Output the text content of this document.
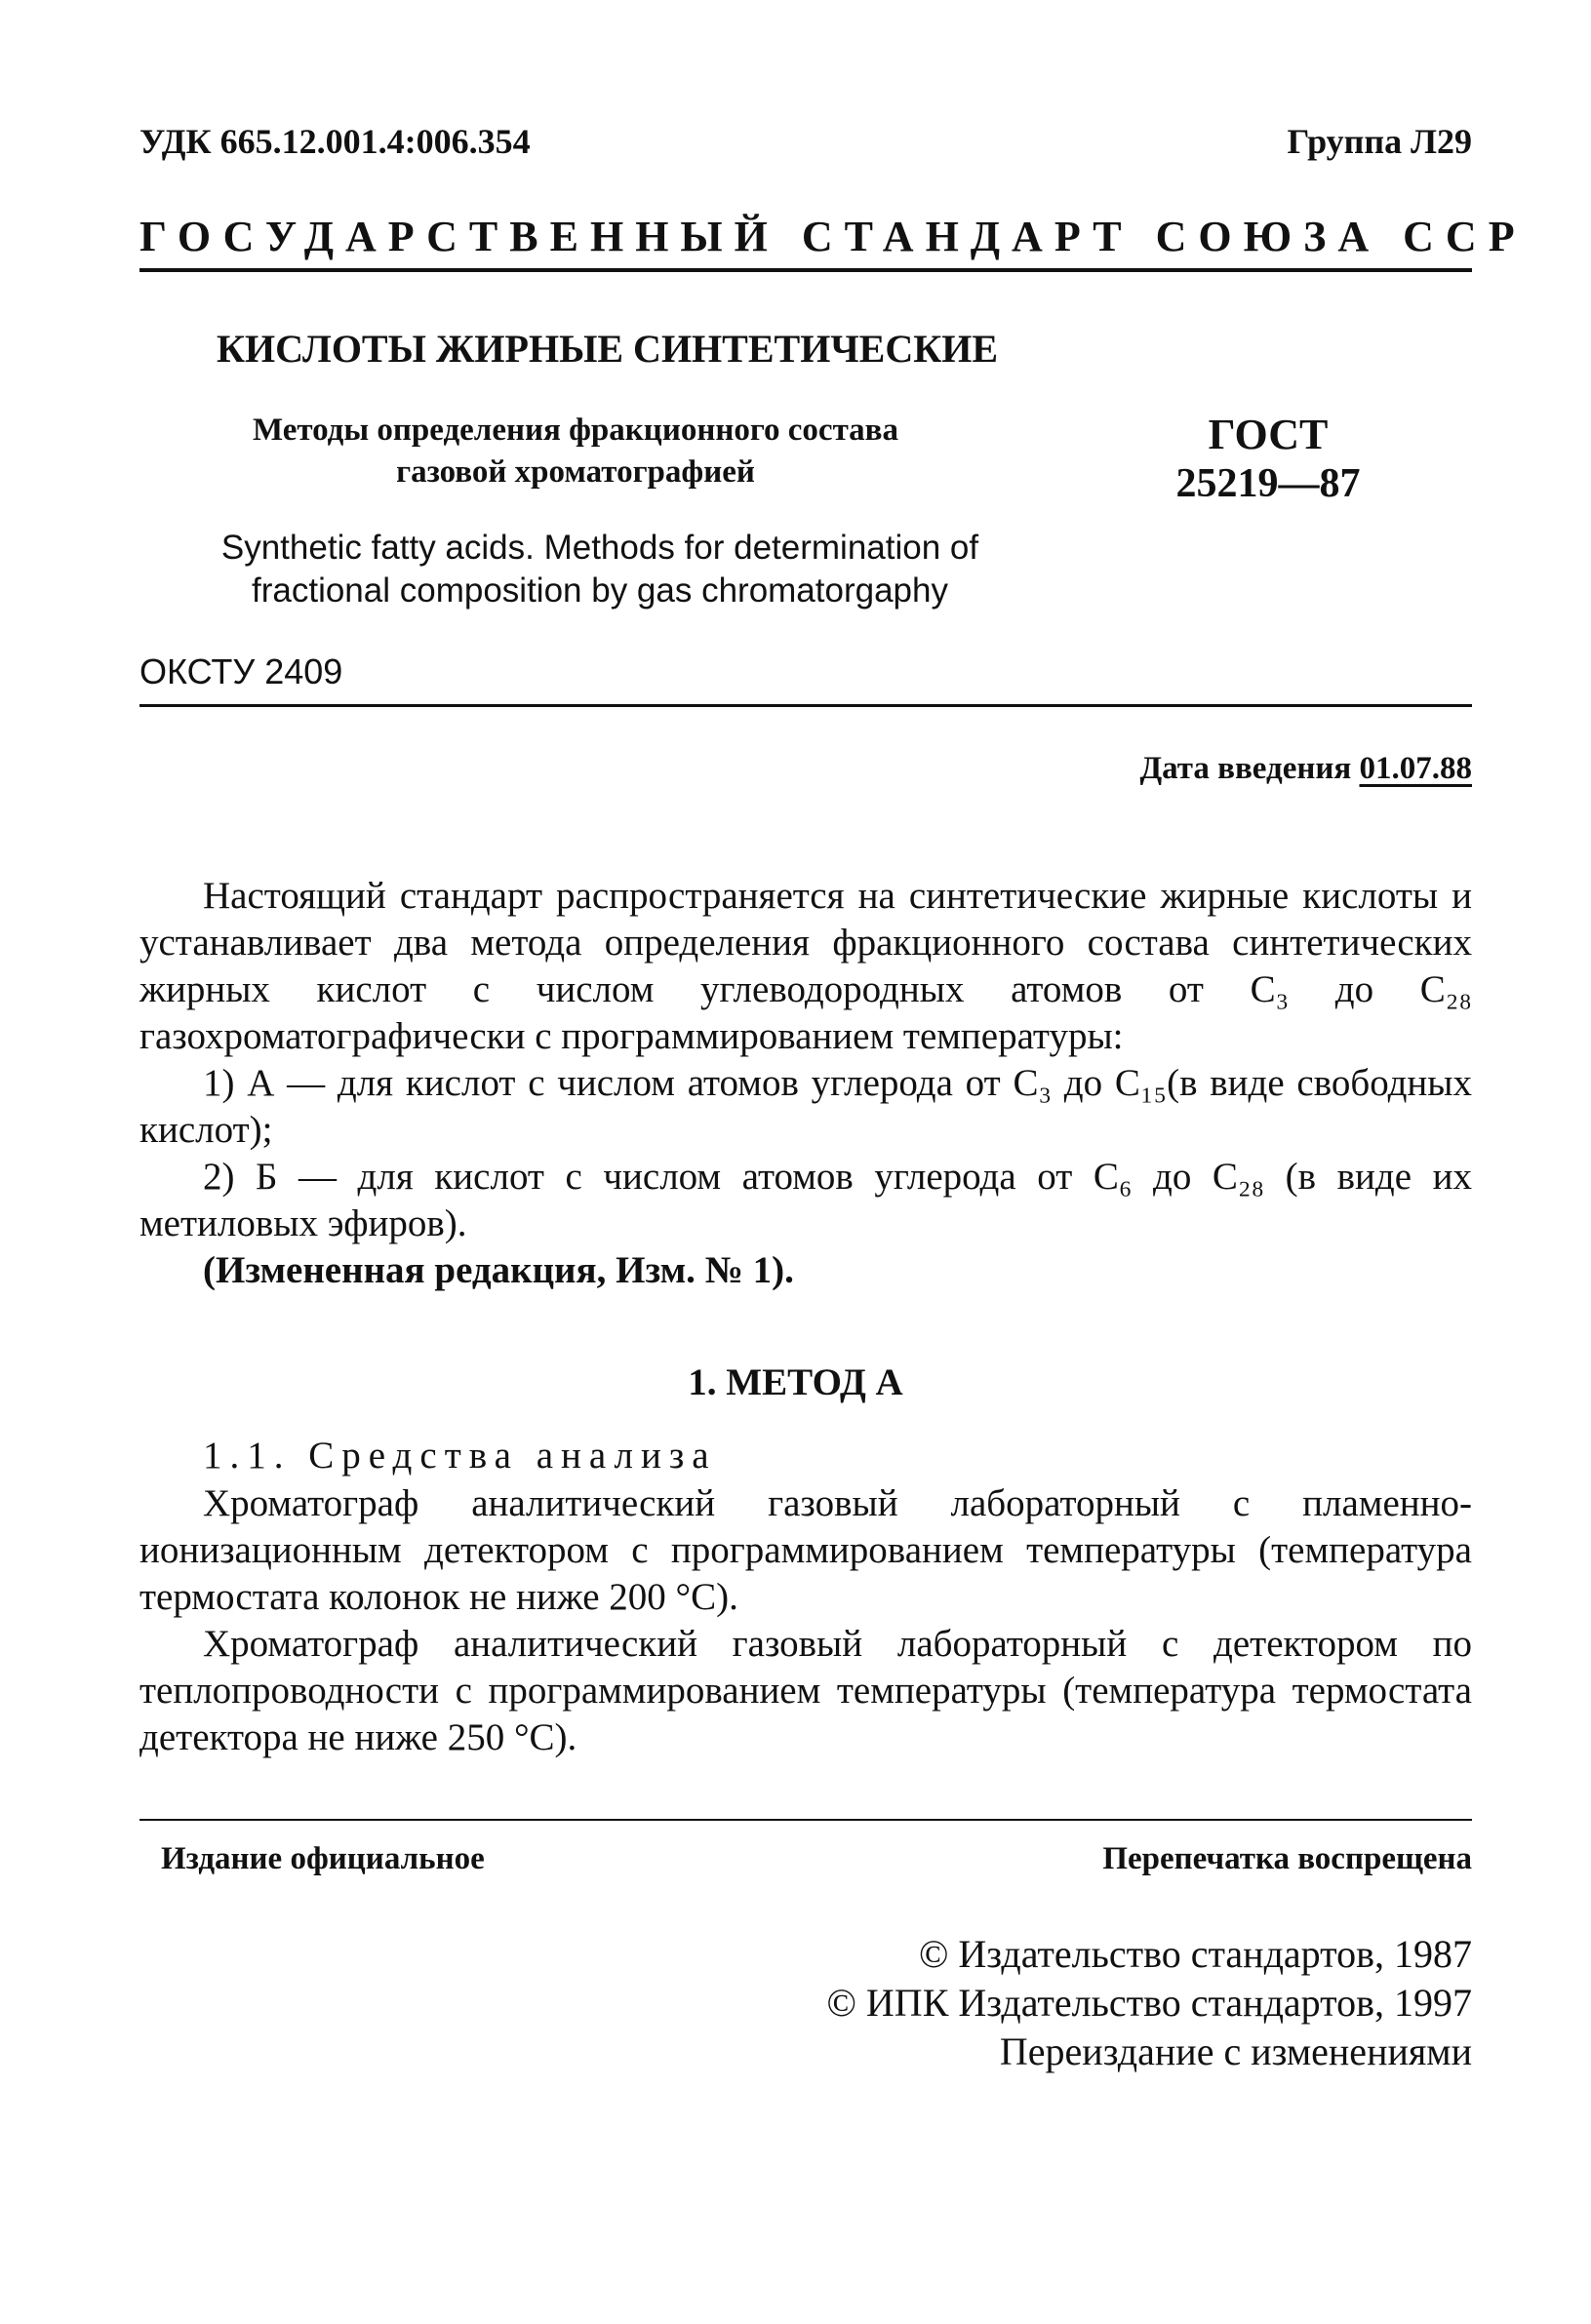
УДК 665.12.001.4:006.354	Группа Л29
ГОСУДАРСТВЕННЫЙ СТАНДАРТ СОЮЗА ССР
КИСЛОТЫ ЖИРНЫЕ СИНТЕТИЧЕСКИЕ
Методы определения фракционного состава
газовой хроматографией
ГОСТ
25219—87
Synthetic fatty acids. Methods for determination of
fractional composition by gas chromatorgaphy
ОКСТУ 2409
Дата введения 01.07.88

Настоящий стандарт распространяется на синтетические жирные кислоты и устанавливает два метода определения фракционного состава синтетических жирных кислот с числом углеводородных атомов от C₃ до C₂₈ газохроматографически с программированием температуры:

1) А — для кислот с числом атомов углерода от C₃ до C₁₅(в виде свободных кислот);

2) Б — для кислот с числом атомов углерода от C₆ до C₂₈ (в виде их метиловых эфиров).

(Измененная редакция, Изм. № 1).

1. МЕТОД А
1.1. Средства анализа

Хроматограф аналитический газовый лабораторный с пламенно-ионизационным детектором с программированием температуры (температура термостата колонок не ниже 200 °С).

Хроматограф аналитический газовый лабораторный с детектором по теплопроводности с программированием температуры (температура термостата детектора не ниже 250 °С).

Издание официальное	Перепечатка воспрещена
© Издательство стандартов, 1987
© ИПК Издательство стандартов, 1997
Переиздание с изменениями
